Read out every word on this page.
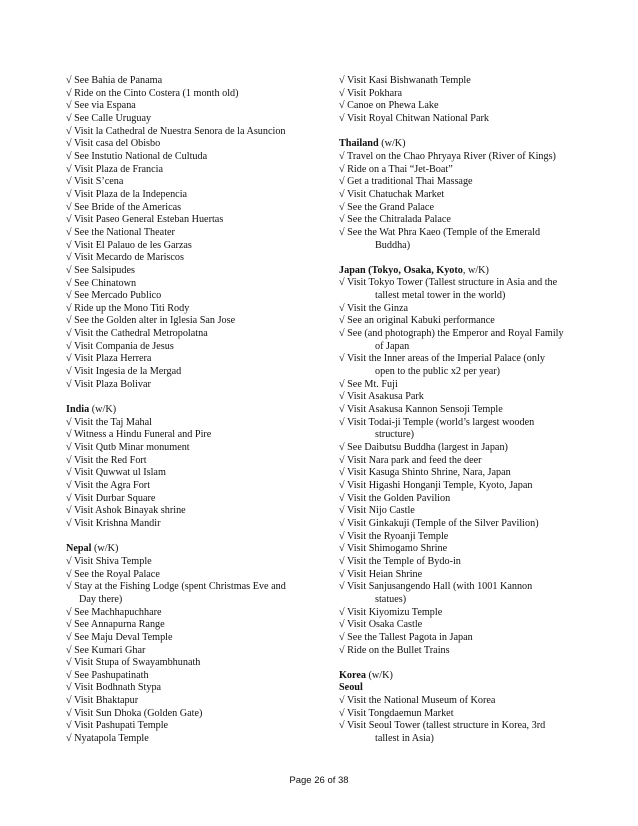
√ See Bahia de Panama
√ Ride on the Cinto Costera (1 month old)
√ See via Espana
√ See Calle Uruguay
√ Visit la Cathedral de Nuestra Senora de la Asuncion
√ Visit casa del Obisbo
√ See Instutio National de Cultuda
√ Visit Plaza de Francia
√ Visit S’cena
√ Visit Plaza de la Indepencia
√ See Bride of the Americas
√ Visit Paseo General Esteban Huertas
√ See the National Theater
√ Visit El Palauo de les Garzas
√ Visit Mecardo de Mariscos
√ See Salsipudes
√ See Chinatown
√ See Mercado Publico
√ Ride up the Mono Titi Rody
√ See the Golden alter in Iglesia San Jose
√ Visit the Cathedral Metropolatna
√ Visit Compania de Jesus
√ Visit Plaza Herrera
√ Visit Ingesia de la Mergad
√ Visit Plaza Bolivar
India (w/K)
√ Visit the Taj Mahal
√ Witness a Hindu Funeral and Pire
√ Visit Qutb Minar monument
√ Visit the Red Fort
√ Visit Quwwat ul Islam
√ Visit the Agra Fort
√ Visit Durbar Square
√ Visit Ashok Binayak shrine
√ Visit Krishna Mandir
Nepal (w/K)
√ Visit Shiva Temple
√ See the Royal Palace
√ Stay at the Fishing Lodge (spent Christmas Eve and
Day there)
√ See Machhapuchhare
√ See Annapurna Range
√ See Maju Deval Temple
√ See Kumari Ghar
√ Visit Stupa of Swayambhunath
√ See Pashupatinath
√ Visit Bodhnath Stypa
√ Visit Bhaktapur
√ Visit Sun Dhoka (Golden Gate)
√ Visit Pashupati Temple
√ Nyatapola Temple
√ Visit Kasi Bishwanath Temple
√ Visit Pokhara
√ Canoe on Phewa Lake
√ Visit Royal Chitwan National Park
Thailand (w/K)
√ Travel on the Chao Phryaya River (River of Kings)
√ Ride on a Thai “Jet-Boat”
√ Get a traditional Thai Massage
√ Visit Chatuchak Market
√ See the Grand Palace
√ See the Chitralada Palace
√ See the Wat Phra Kaeo (Temple of the Emerald
Buddha)
Japan (Tokyo, Osaka, Kyoto, w/K)
√ Visit Tokyo Tower (Tallest structure in Asia and the
tallest metal tower in the world)
√ Visit the Ginza
√ See an original Kabuki performance
√ See (and photograph) the Emperor and Royal Family
of Japan
√ Visit the Inner areas of the Imperial Palace (only
open to the public x2 per year)
√ See Mt. Fuji
√ Visit Asakusa Park
√ Visit Asakusa Kannon Sensoji Temple
√ Visit Todai-ji Temple (world’s largest wooden
structure)
√ See Daibutsu Buddha (largest in Japan)
√ Visit Nara park and feed the deer
√ Visit Kasuga Shinto Shrine, Nara, Japan
√ Visit Higashi Honganji Temple, Kyoto, Japan
√ Visit the Golden Pavilion
√ Visit Nijo Castle
√ Visit Ginkakuji (Temple of the Silver Pavilion)
√ Visit the Ryoanji Temple
√ Visit Shimogamo Shrine
√ Visit the Temple of Bydo-in
√ Visit Heian Shrine
√ Visit Sanjusangendo Hall (with 1001 Kannon
statues)
√ Visit Kiyomizu Temple
√ Visit Osaka Castle
√ See the Tallest Pagota in Japan
√ Ride on the Bullet Trains
Korea (w/K)
Seoul
√ Visit the National Museum of Korea
√ Visit Tongdaemun Market
√ Visit Seoul Tower (tallest structure in Korea, 3rd
tallest in Asia)
Page 26 of 38
